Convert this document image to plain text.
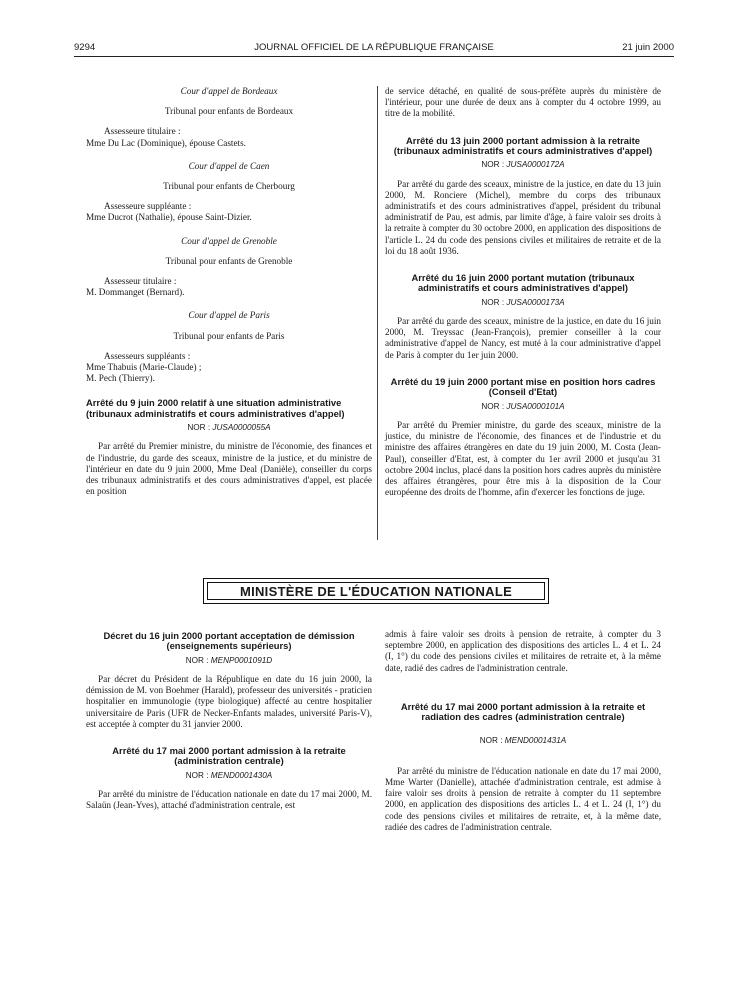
9294	JOURNAL OFFICIEL DE LA RÉPUBLIQUE FRANÇAISE	21 juin 2000

Cour d'appel de Bordeaux

Tribunal pour enfants de Bordeaux

Assesseure titulaire :

Mme Du Lac (Dominique), épouse Castets.

Cour d'appel de Caen

Tribunal pour enfants de Cherbourg

Assesseure suppléante :

Mme Ducrot (Nathalie), épouse Saint-Dizier.

Cour d'appel de Grenoble

Tribunal pour enfants de Grenoble

Assesseur titulaire :

M. Dommanget (Bernard).

Cour d'appel de Paris

Tribunal pour enfants de Paris

Assesseurs suppléants :

Mme Thabuis (Marie-Claude) ;

M. Pech (Thierry).

Arrêté du 9 juin 2000 relatif à une situation administrative (tribunaux administratifs et cours administratives d'appel)

NOR : JUSA0000055A

Par arrêté du Premier ministre, du ministre de l'économie, des finances et de l'industrie, du garde des sceaux, ministre de la justice, et du ministre de l'intérieur en date du 9 juin 2000, Mme Deal (Danièle), conseiller du corps des tribunaux administratifs et des cours administratives d'appel, est placée en position

de service détaché, en qualité de sous-préfète auprès du ministère de l'intérieur, pour une durée de deux ans à compter du 4 octobre 1999, au titre de la mobilité.

Arrêté du 13 juin 2000 portant admission à la retraite (tribunaux administratifs et cours administratives d'appel)

NOR : JUSA0000172A

Par arrêté du garde des sceaux, ministre de la justice, en date du 13 juin 2000, M. Ronciere (Michel), membre du corps des tribunaux administratifs et des cours administratives d'appel, président du tribunal administratif de Pau, est admis, par limite d'âge, à faire valoir ses droits à la retraite à compter du 30 octobre 2000, en application des dispositions de l'article L. 24 du code des pensions civiles et militaires de retraite et de la loi du 18 août 1936.

Arrêté du 16 juin 2000 portant mutation (tribunaux administratifs et cours administratives d'appel)

NOR : JUSA0000173A

Par arrêté du garde des sceaux, ministre de la justice, en date du 16 juin 2000, M. Treyssac (Jean-François), premier conseiller à la cour administrative d'appel de Nancy, est muté à la cour administrative d'appel de Paris à compter du 1er juin 2000.

Arrêté du 19 juin 2000 portant mise en position hors cadres (Conseil d'Etat)

NOR : JUSA0000101A

Par arrêté du Premier ministre, du garde des sceaux, ministre de la justice, du ministre de l'économie, des finances et de l'industrie et du ministre des affaires étrangères en date du 19 juin 2000, M. Costa (Jean-Paul), conseiller d'Etat, est, à compter du 1er avril 2000 et jusqu'au 31 octobre 2004 inclus, placé dans la position hors cadres auprès du ministère des affaires étrangères, pour être mis à la disposition de la Cour européenne des droits de l'homme, afin d'exercer les fonctions de juge.

MINISTÈRE DE L'ÉDUCATION NATIONALE

Décret du 16 juin 2000 portant acceptation de démission (enseignements supérieurs)

NOR : MENP0001091D

Par décret du Président de la République en date du 16 juin 2000, la démission de M. von Boehmer (Harald), professeur des universités - praticien hospitalier en immunologie (type biologique) affecté au centre hospitalier universitaire de Paris (UFR de Necker-Enfants malades, université Paris-V), est acceptée à compter du 31 janvier 2000.

Arrêté du 17 mai 2000 portant admission à la retraite (administration centrale)

NOR : MEND0001430A

Par arrêté du ministre de l'éducation nationale en date du 17 mai 2000, M. Salaün (Jean-Yves), attaché d'administration centrale, est

admis à faire valoir ses droits à pension de retraite, à compter du 3 septembre 2000, en application des dispositions des articles L. 4 et L. 24 (I, 1°) du code des pensions civiles et militaires de retraite et, à la même date, radié des cadres de l'administration centrale.

Arrêté du 17 mai 2000 portant admission à la retraite et radiation des cadres (administration centrale)

NOR : MEND0001431A

Par arrêté du ministre de l'éducation nationale en date du 17 mai 2000, Mme Warter (Danielle), attachée d'administration centrale, est admise à faire valoir ses droits à pension de retraite à compter du 11 septembre 2000, en application des dispositions des articles L. 4 et L. 24 (I, 1°) du code des pensions civiles et militaires de retraite, et, à la même date, radiée des cadres de l'administration centrale.
